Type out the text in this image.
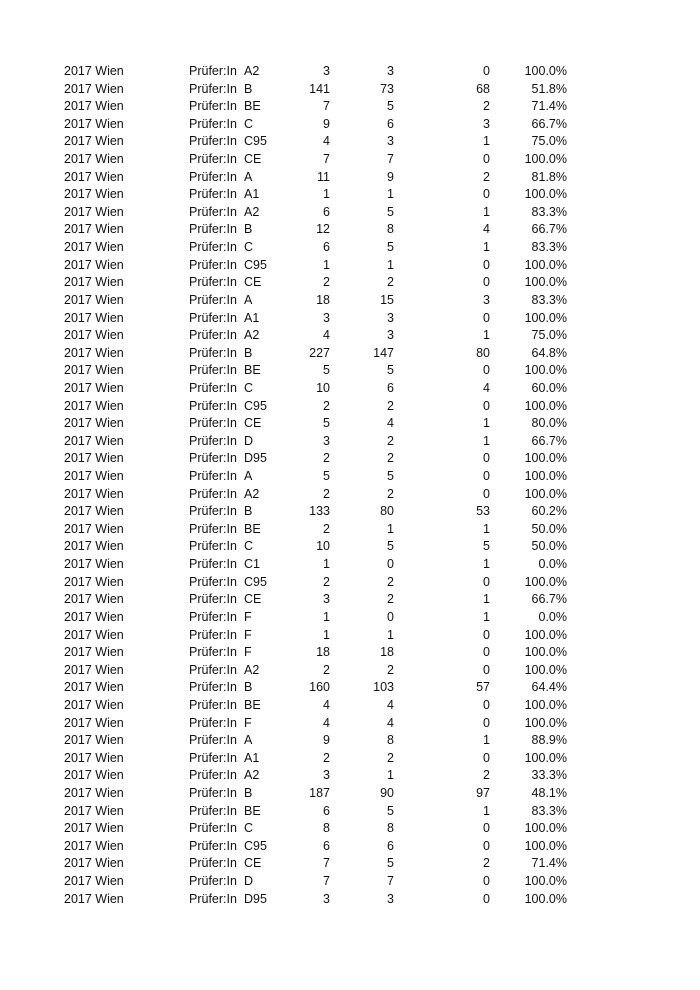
2017 Wien	Prüfer:In A2	3	3	0	100.0%
2017 Wien	Prüfer:In B	141	73	68	51.8%
2017 Wien	Prüfer:In BE	7	5	2	71.4%
2017 Wien	Prüfer:In C	9	6	3	66.7%
2017 Wien	Prüfer:In C95	4	3	1	75.0%
2017 Wien	Prüfer:In CE	7	7	0	100.0%
2017 Wien	Prüfer:In A	11	9	2	81.8%
2017 Wien	Prüfer:In A1	1	1	0	100.0%
2017 Wien	Prüfer:In A2	6	5	1	83.3%
2017 Wien	Prüfer:In B	12	8	4	66.7%
2017 Wien	Prüfer:In C	6	5	1	83.3%
2017 Wien	Prüfer:In C95	1	1	0	100.0%
2017 Wien	Prüfer:In CE	2	2	0	100.0%
2017 Wien	Prüfer:In A	18	15	3	83.3%
2017 Wien	Prüfer:In A1	3	3	0	100.0%
2017 Wien	Prüfer:In A2	4	3	1	75.0%
2017 Wien	Prüfer:In B	227	147	80	64.8%
2017 Wien	Prüfer:In BE	5	5	0	100.0%
2017 Wien	Prüfer:In C	10	6	4	60.0%
2017 Wien	Prüfer:In C95	2	2	0	100.0%
2017 Wien	Prüfer:In CE	5	4	1	80.0%
2017 Wien	Prüfer:In D	3	2	1	66.7%
2017 Wien	Prüfer:In D95	2	2	0	100.0%
2017 Wien	Prüfer:In A	5	5	0	100.0%
2017 Wien	Prüfer:In A2	2	2	0	100.0%
2017 Wien	Prüfer:In B	133	80	53	60.2%
2017 Wien	Prüfer:In BE	2	1	1	50.0%
2017 Wien	Prüfer:In C	10	5	5	50.0%
2017 Wien	Prüfer:In C1	1	0	1	0.0%
2017 Wien	Prüfer:In C95	2	2	0	100.0%
2017 Wien	Prüfer:In CE	3	2	1	66.7%
2017 Wien	Prüfer:In F	1	0	1	0.0%
2017 Wien	Prüfer:In F	1	1	0	100.0%
2017 Wien	Prüfer:In F	18	18	0	100.0%
2017 Wien	Prüfer:In A2	2	2	0	100.0%
2017 Wien	Prüfer:In B	160	103	57	64.4%
2017 Wien	Prüfer:In BE	4	4	0	100.0%
2017 Wien	Prüfer:In F	4	4	0	100.0%
2017 Wien	Prüfer:In A	9	8	1	88.9%
2017 Wien	Prüfer:In A1	2	2	0	100.0%
2017 Wien	Prüfer:In A2	3	1	2	33.3%
2017 Wien	Prüfer:In B	187	90	97	48.1%
2017 Wien	Prüfer:In BE	6	5	1	83.3%
2017 Wien	Prüfer:In C	8	8	0	100.0%
2017 Wien	Prüfer:In C95	6	6	0	100.0%
2017 Wien	Prüfer:In CE	7	5	2	71.4%
2017 Wien	Prüfer:In D	7	7	0	100.0%
2017 Wien	Prüfer:In D95	3	3	0	100.0%
